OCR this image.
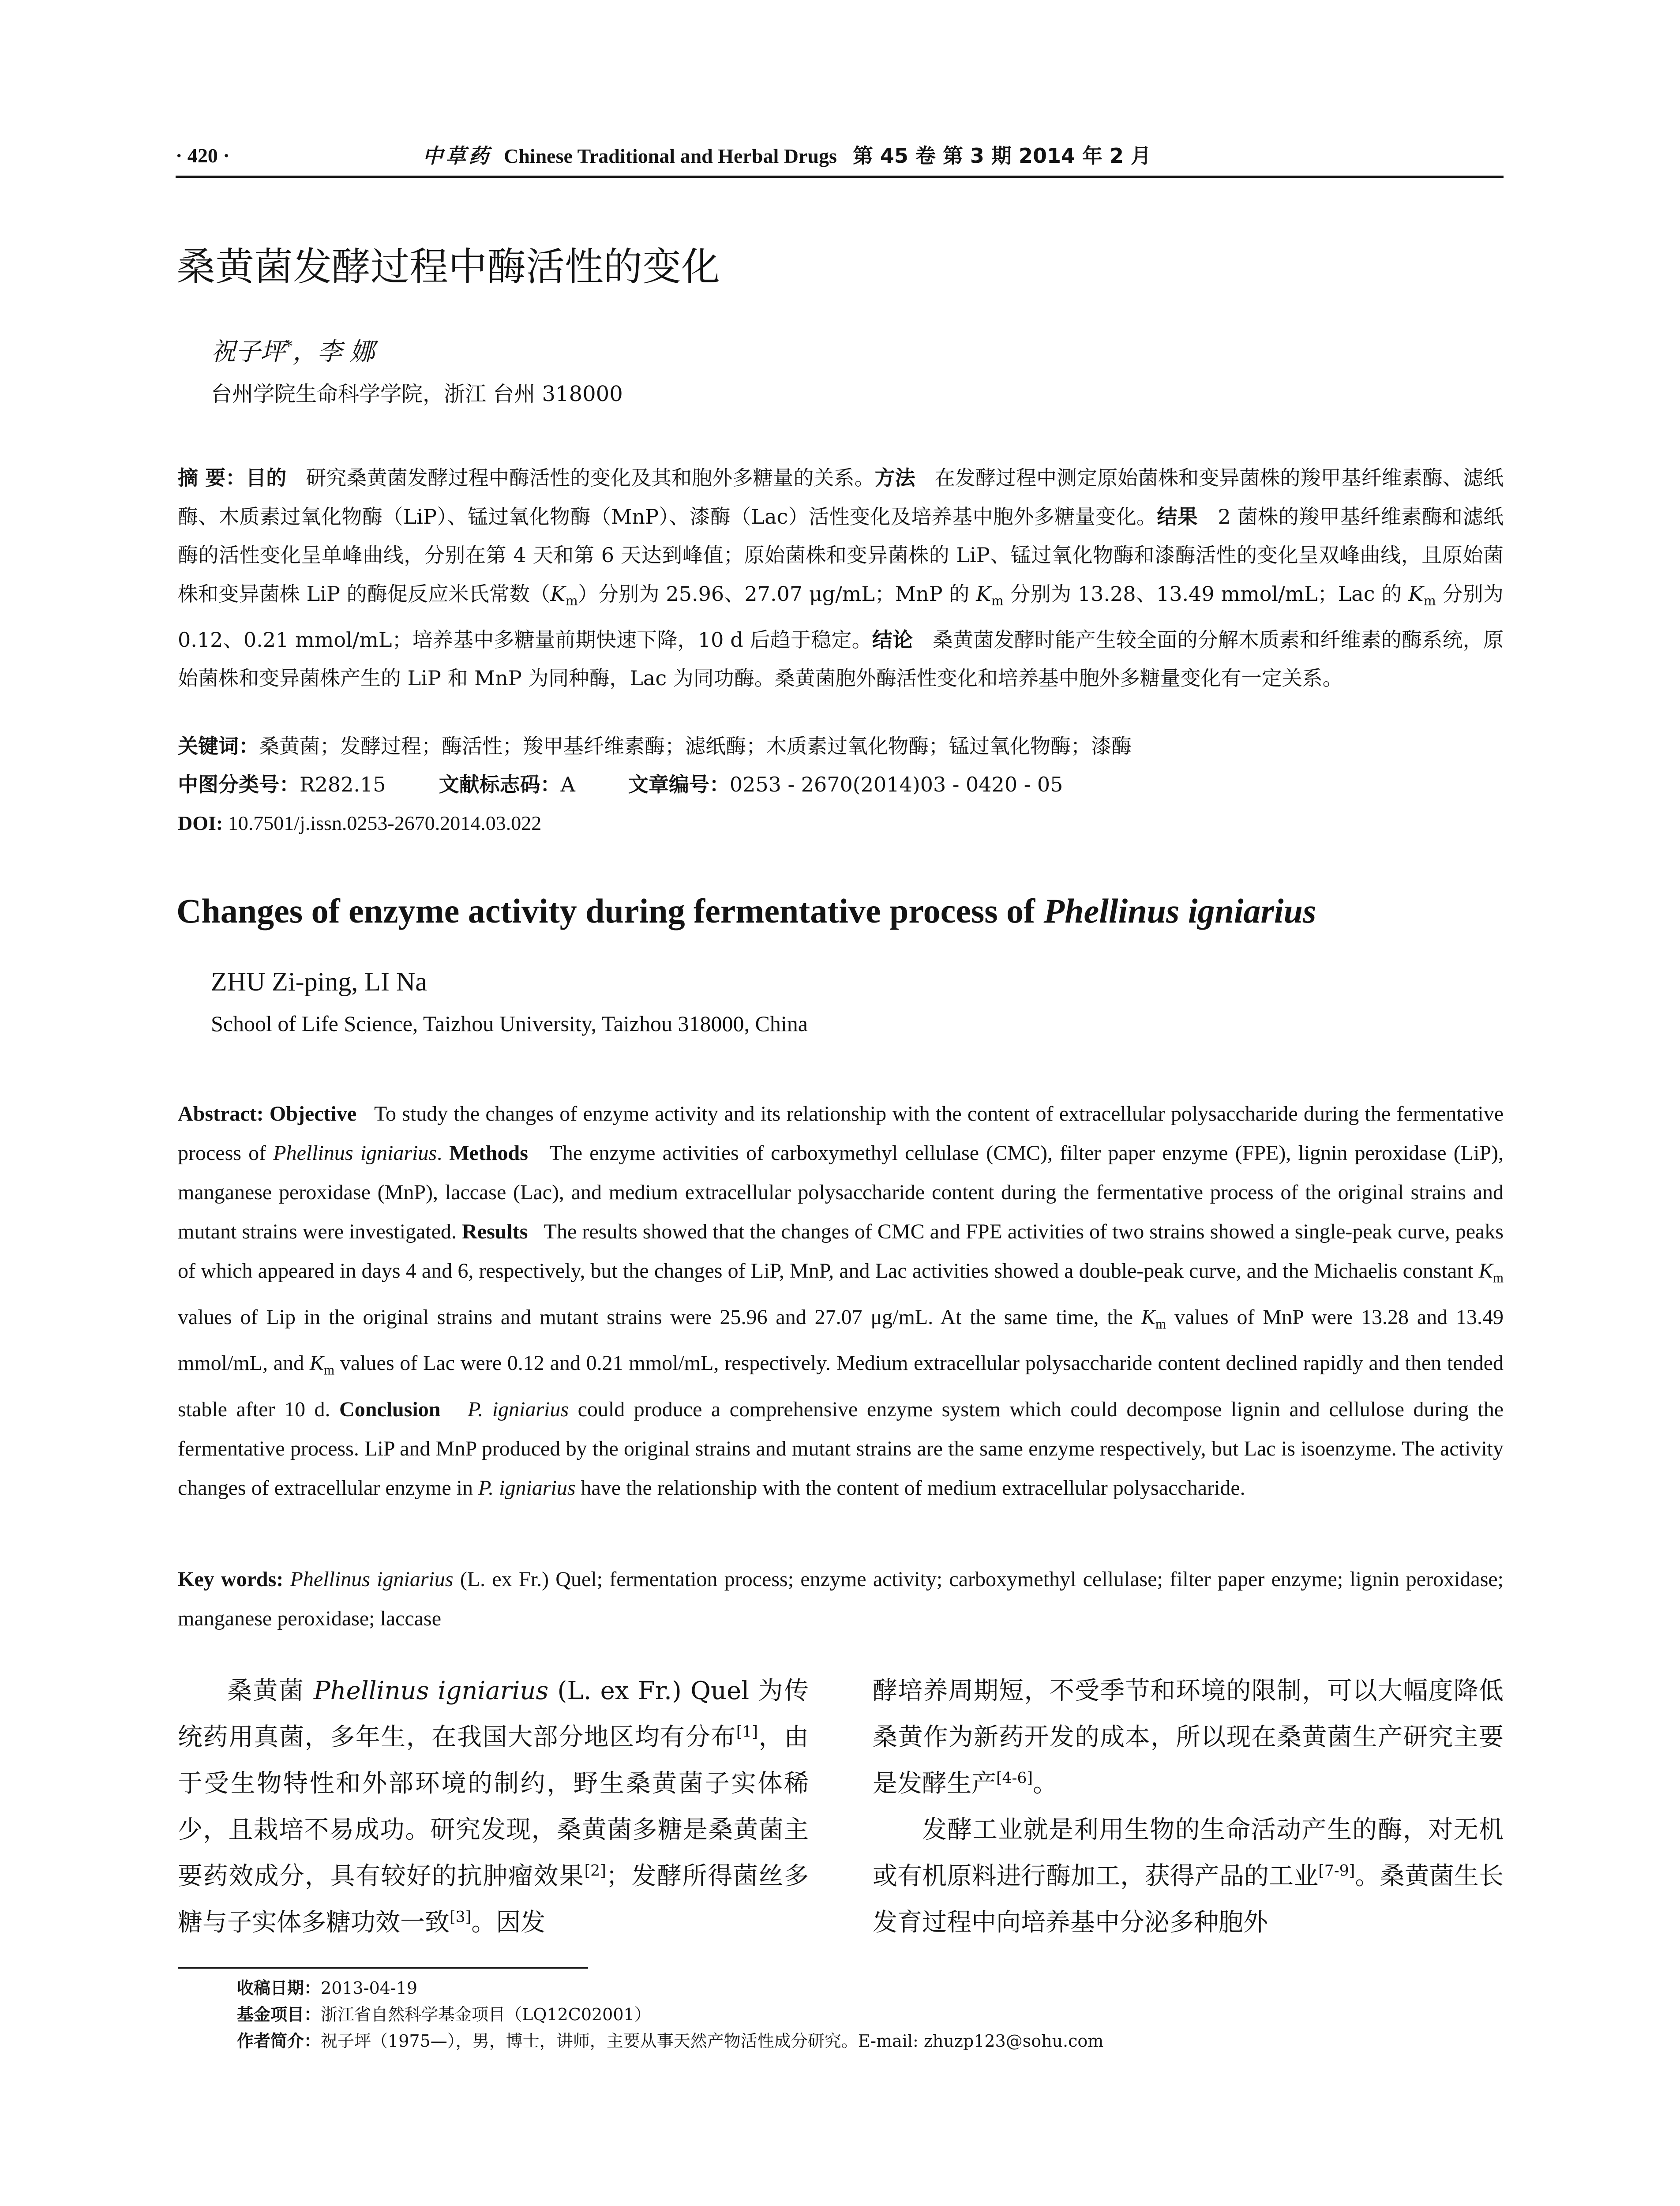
· 420 ·	中草药 Chinese Traditional and Herbal Drugs 第 45 卷 第 3 期 2014 年 2 月
桑黄菌发酵过程中酶活性的变化
祝子坪*，李 娜
台州学院生命科学学院，浙江 台州 318000
摘 要：目的 研究桑黄菌发酵过程中酶活性的变化及其和胞外多糖量的关系。方法 在发酵过程中测定原始菌株和变异菌株的羧甲基纤维素酶、滤纸酶、木质素过氧化物酶（LiP）、锰过氧化物酶（MnP）、漆酶（Lac）活性变化及培养基中胞外多糖量变化。结果 2 菌株的羧甲基纤维素酶和滤纸酶的活性变化呈单峰曲线，分别在第 4 天和第 6 天达到峰值；原始菌株和变异菌株的 LiP、锰过氧化物酶和漆酶活性的变化呈双峰曲线，且原始菌株和变异菌株 LiP 的酶促反应米氏常数$(K_m)$分别为 25.96、27.07 μg/mL；MnP 的 $K_m$ 分别为 13.28、13.49 mmol/mL；Lac 的 $K_m$ 分别为 0.12、0.21 mmol/mL；培养基中多糖量前期快速下降，10 d 后趋于稳定。结论 桑黄菌发酵时能产生较全面的分解木质素和纤维素的酶系统，原始菌株和变异菌株产生的 LiP 和 MnP 为同种酶，Lac 为同功酶。桑黄菌胞外酶活性变化和培养基中胞外多糖量变化有一定关系。
关键词：桑黄菌；发酵过程；酶活性；羧甲基纤维素酶；滤纸酶；木质素过氧化物酶；锰过氧化物酶；漆酶
中图分类号：R282.15	文献标志码：A	文章编号：0253 - 2670(2014)03 - 0420 - 05
DOI: 10.7501/j.issn.0253-2670.2014.03.022
Changes of enzyme activity during fermentative process of Phellinus igniarius
ZHU Zi-ping, LI Na
School of Life Science, Taizhou University, Taizhou 318000, China
Abstract: Objective To study the changes of enzyme activity and its relationship with the content of extracellular polysaccharide during the fermentative process of Phellinus igniarius. Methods The enzyme activities of carboxymethyl cellulase (CMC), filter paper enzyme (FPE), lignin peroxidase (LiP), manganese peroxidase (MnP), laccase (Lac), and medium extracellular polysaccharide content during the fermentative process of the original strains and mutant strains were investigated. Results The results showed that the changes of CMC and FPE activities of two strains showed a single-peak curve, peaks of which appeared in days 4 and 6, respectively, but the changes of LiP, MnP, and Lac activities showed a double-peak curve, and the Michaelis constant $K_m$ values of Lip in the original strains and mutant strains were 25.96 and 27.07 μg/mL. At the same time, the $K_m$ values of MnP were 13.28 and 13.49 mmol/mL, and $K_m$ values of Lac were 0.12 and 0.21 mmol/mL, respectively. Medium extracellular polysaccharide content declined rapidly and then tended stable after 10 d. Conclusion P. igniarius could produce a comprehensive enzyme system which could decompose lignin and cellulose during the fermentative process. LiP and MnP produced by the original strains and mutant strains are the same enzyme respectively, but Lac is isoenzyme. The activity changes of extracellular enzyme in P. igniarius have the relationship with the content of medium extracellular polysaccharide.
Key words: Phellinus igniarius (L. ex Fr.) Quel; fermentation process; enzyme activity; carboxymethyl cellulase; filter paper enzyme; lignin peroxidase; manganese peroxidase; laccase

桑黄菌 Phellinus igniarius (L. ex Fr.) Quel 为传统药用真菌，多年生，在我国大部分地区均有分布[1]，由于受生物特性和外部环境的制约，野生桑黄菌子实体稀少，且栽培不易成功。研究发现，桑黄菌多糖是桑黄菌主要药效成分，具有较好的抗肿瘤效果[2]；发酵所得菌丝多糖与子实体多糖功效一致[3]。因发

酵培养周期短，不受季节和环境的限制，可以大幅度降低桑黄作为新药开发的成本，所以现在桑黄菌生产研究主要是发酵生产[4-6]。

发酵工业就是利用生物的生命活动产生的酶，对无机或有机原料进行酶加工，获得产品的工业[7-9]。桑黄菌生长发育过程中向培养基中分泌多种胞外

收稿日期：2013-04-19
基金项目：浙江省自然科学基金项目（LQ12C02001）
作者简介：祝子坪（1975—），男，博士，讲师，主要从事天然产物活性成分研究。E-mail: zhuzp123@sohu.com
